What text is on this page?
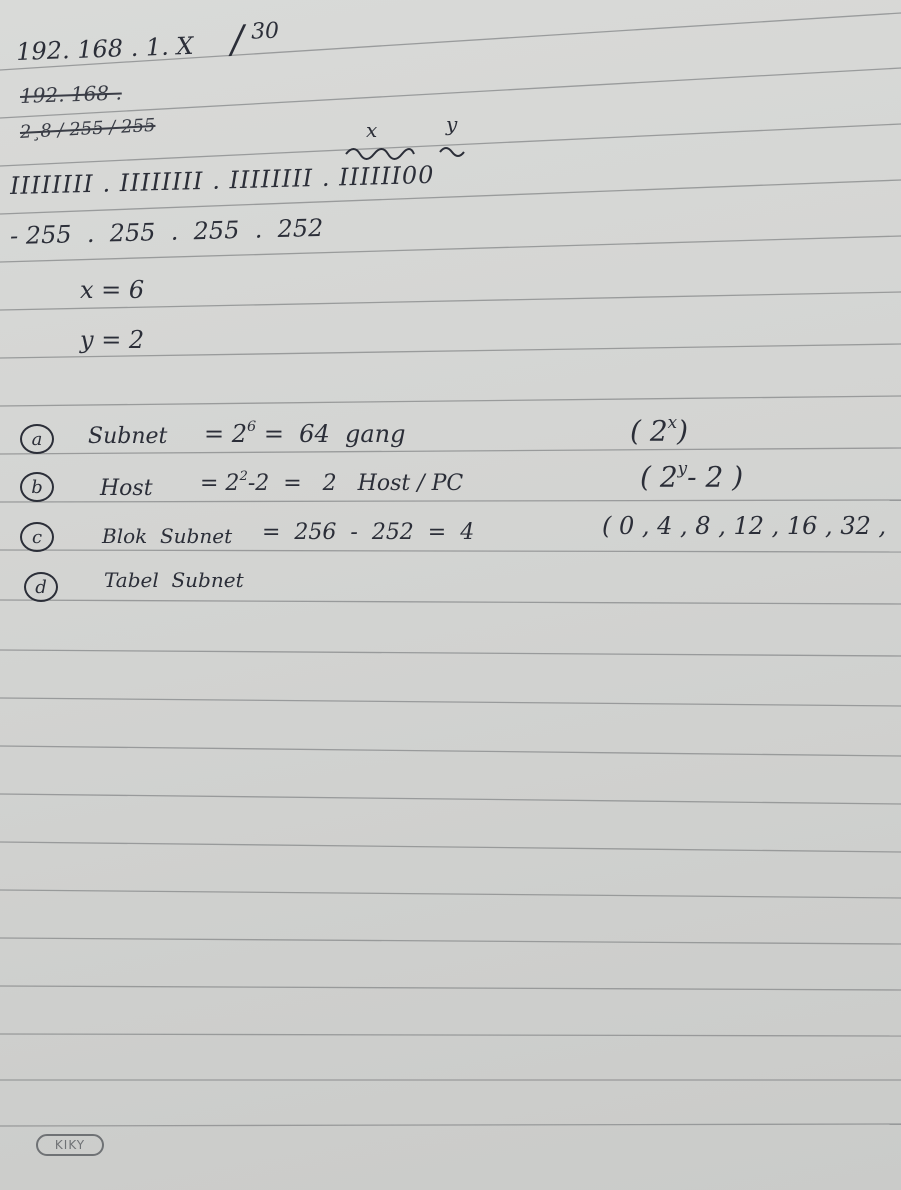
192. 168 . 1. X / 30
192. 168 .
2¸8 / 255 / 255	x	y
IIIIIIII . IIIIIIII . IIIIIIII . IIIIII00
- 255  .  255  .  255  .  252
x = 6
y = 2
a	Subnet = $2^6 = 64$  gang	( 2$^x$)
b	Host = $2^2-2 = 2$   Host / PC	( 2$^y$- 2 )
c	Blok  Subnet =  256  -  252  =  4	( 0 , 4 , 8 , 12 , 16 , 32 ,
d	Tabel  Subnet
KIKY
